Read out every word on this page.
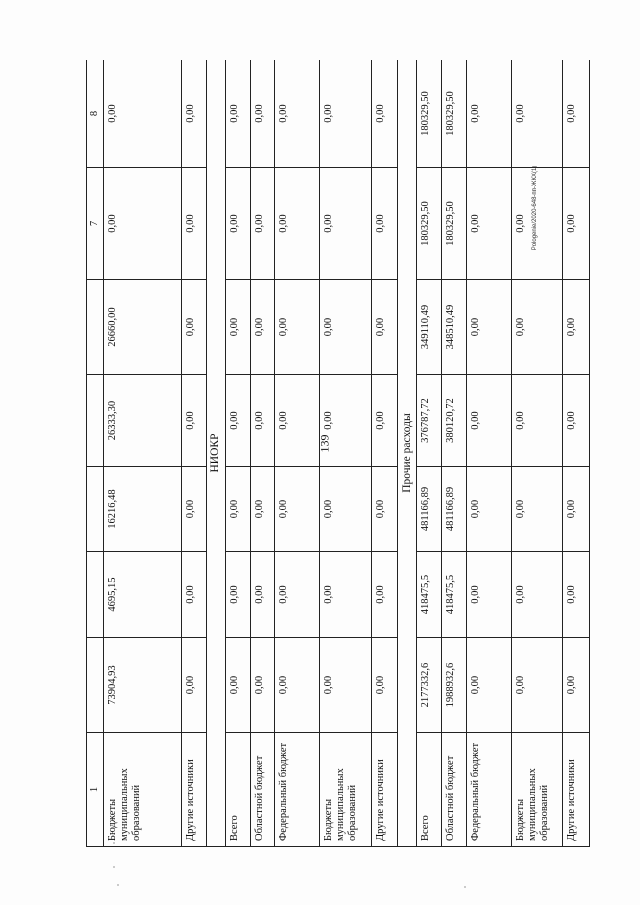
139
Pologenie/2020-648-пп-ЖКХ(1)
1						7	8
Бюджеты муниципальных образований	73904,93	4695,15	16216,48	26333,30	26660,00	0,00	0,00
Другие источники	0,00	0,00	0,00	0,00	0,00	0,00	0,00
НИОКР							
Всего	0,00	0,00	0,00	0,00	0,00	0,00	0,00
Областной бюджет	0,00	0,00	0,00	0,00	0,00	0,00	0,00
Федеральный бюджет	0,00	0,00	0,00	0,00	0,00	0,00	0,00
Бюджеты муниципальных образований	0,00	0,00	0,00	0,00	0,00	0,00	0,00
Другие источники	0,00	0,00	0,00	0,00	0,00	0,00	0,00
Прочие расходы							
Всего	2177332,6	418475,5	481166,89	376787,72	349110,49	180329,50	180329,50
Областной бюджет	1988932,6	418475,5	481166,89	380120,72	348510,49	180329,50	180329,50
Федеральный бюджет	0,00	0,00	0,00	0,00	0,00	0,00	0,00
Бюджеты муниципальных образований	0,00	0,00	0,00	0,00	0,00	0,00	0,00
Другие источники	0,00	0,00	0,00	0,00	0,00	0,00	0,00
